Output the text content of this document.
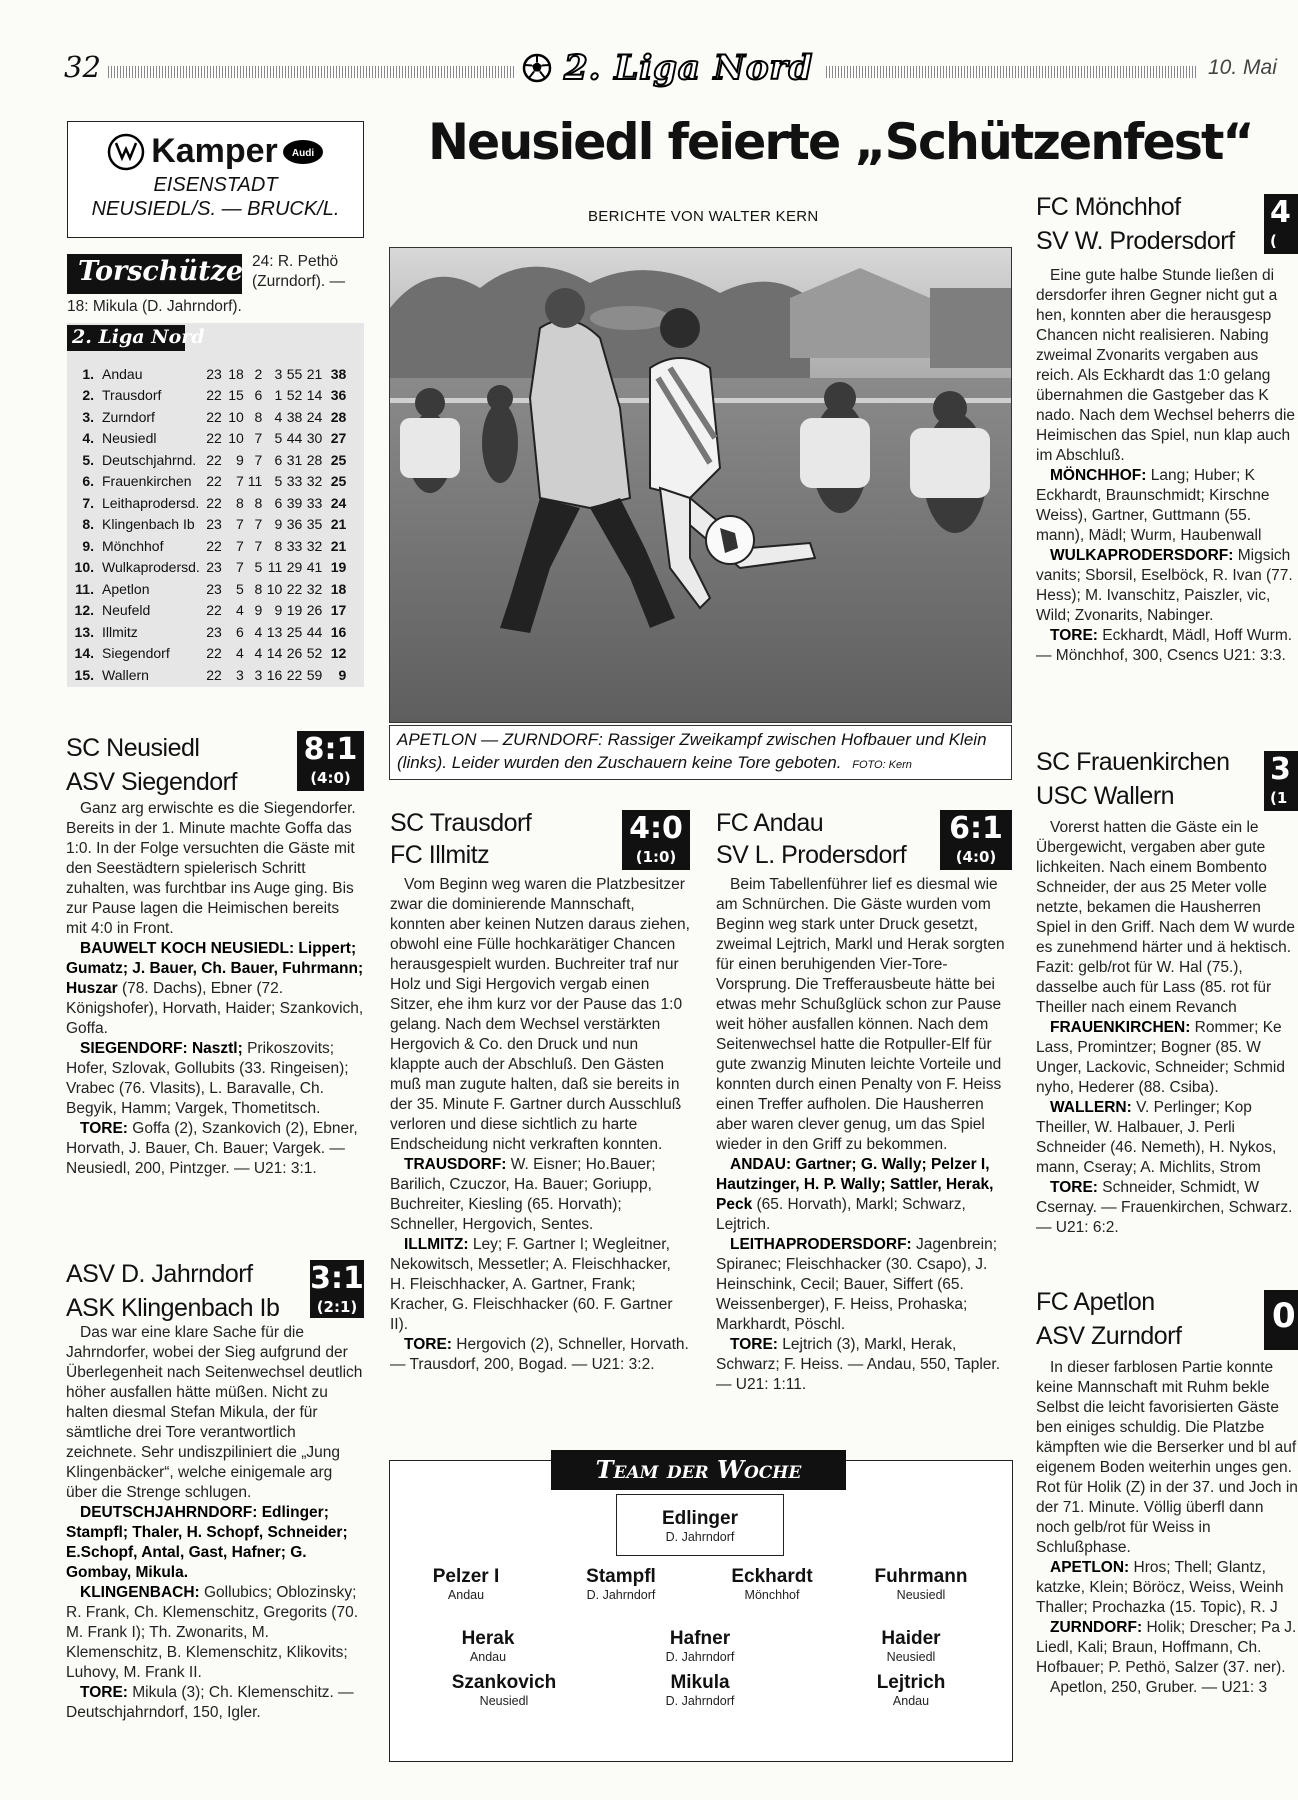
32	2. Liga Nord	10. Mai
Kamper Audi
EISENSTADT
NEUSIEDL/S. — BRUCK/L.
Torschützen
24: R. Pethö (Zurndorf). —
18: Mikula (D. Jahrndorf).
2. Liga Nord
1.	Andau	23	18	2	3	55	21	38
2.	Trausdorf	22	15	6	1	52	14	36
3.	Zurndorf	22	10	8	4	38	24	28
4.	Neusiedl	22	10	7	5	44	30	27
5.	Deutschjahrnd.	22	9	7	6	31	28	25
6.	Frauenkirchen	22	7	11	5	33	32	25
7.	Leithaprodersd.	22	8	8	6	39	33	24
8.	Klingenbach Ib	23	7	7	9	36	35	21
9.	Mönchhof	22	7	7	8	33	32	21
10.	Wulkaprodersd.	23	7	5	11	29	41	19
11.	Apetlon	23	5	8	10	22	32	18
12.	Neufeld	22	4	9	9	19	26	17
13.	Illmitz	23	6	4	13	25	44	16
14.	Siegendorf	22	4	4	14	26	52	12
15.	Wallern	22	3	3	16	22	59	9
Neusiedl feierte „Schützenfest“
BERICHTE VON WALTER KERN
APETLON — ZURNDORF: Rassiger Zweikampf zwischen Hofbauer und Klein (links). Leider wurden den Zuschauern keine Tore geboten. FOTO: Kern
SC Neusiedl
ASV Siegendorf
8:1
(4:0)

Ganz arg erwischte es die Siegendorfer. Bereits in der 1. Minute machte Goffa das 1:0. In der Folge versuchten die Gäste mit den Seestädtern spielerisch Schritt zuhalten, was furchtbar ins Auge ging. Bis zur Pause lagen die Heimischen bereits mit 4:0 in Front.

BAUWELT KOCH NEUSIEDL: Lippert; Gumatz; J. Bauer, Ch. Bauer, Fuhrmann; Huszar (78. Dachs), Ebner (72. Königshofer), Horvath, Haider; Szankovich, Goffa.

SIEGENDORF: Nasztl; Prikoszovits; Hofer, Szlovak, Gollubits (33. Ringeisen); Vrabec (76. Vlasits), L. Baravalle, Ch. Begyik, Hamm; Vargek, Thometitsch.

TORE: Goffa (2), Szankovich (2), Ebner, Horvath, J. Bauer, Ch. Bauer; Vargek. — Neusiedl, 200, Pintzger. — U21: 3:1.

ASV D. Jahrndorf
ASK Klingenbach Ib
3:1
(2:1)

Das war eine klare Sache für die Jahrndorfer, wobei der Sieg aufgrund der Überlegenheit nach Seitenwechsel deutlich höher ausfallen hätte müßen. Nicht zu halten diesmal Stefan Mikula, der für sämtliche drei Tore verantwortlich zeichnete. Sehr undiszpiliniert die „Jung Klingenbäcker“, welche einigemale arg über die Strenge schlugen.

DEUTSCHJAHRNDORF: Edlinger; Stampfl; Thaler, H. Schopf, Schneider; E.Schopf, Antal, Gast, Hafner; G. Gombay, Mikula.

KLINGENBACH: Gollubics; Oblozinsky; R. Frank, Ch. Klemenschitz, Gregorits (70. M. Frank I); Th. Zwonarits, M. Klemenschitz, B. Klemenschitz, Klikovits; Luhovy, M. Frank II.

TORE: Mikula (3); Ch. Klemenschitz. — Deutschjahrndorf, 150, Igler.

SC Trausdorf
FC Illmitz
4:0
(1:0)

Vom Beginn weg waren die Platzbesitzer zwar die dominierende Mannschaft, konnten aber keinen Nutzen daraus ziehen, obwohl eine Fülle hochkarätiger Chancen herausgespielt wurden. Buchreiter traf nur Holz und Sigi Hergovich vergab einen Sitzer, ehe ihm kurz vor der Pause das 1:0 gelang. Nach dem Wechsel verstärkten Hergovich & Co. den Druck und nun klappte auch der Abschluß. Den Gästen muß man zugute halten, daß sie bereits in der 35. Minute F. Gartner durch Ausschluß verloren und diese sichtlich zu harte Endscheidung nicht verkraften konnten.

TRAUSDORF: W. Eisner; Ho.Bauer; Barilich, Czuczor, Ha. Bauer; Goriupp, Buchreiter, Kiesling (65. Horvath); Schneller, Hergovich, Sentes.

ILLMITZ: Ley; F. Gartner I; Wegleitner, Nekowitsch, Messetler; A. Fleischhacker, H. Fleischhacker, A. Gartner, Frank; Kracher, G. Fleischhacker (60. F. Gartner II).

TORE: Hergovich (2), Schneller, Horvath. — Trausdorf, 200, Bogad. — U21: 3:2.

FC Andau
SV L. Prodersdorf
6:1
(4:0)

Beim Tabellenführer lief es diesmal wie am Schnürchen. Die Gäste wurden vom Beginn weg stark unter Druck gesetzt, zweimal Lejtrich, Markl und Herak sorgten für einen beruhigenden Vier-Tore-Vorsprung. Die Trefferausbeute hätte bei etwas mehr Schußglück schon zur Pause weit höher ausfallen können. Nach dem Seitenwechsel hatte die Rotpuller-Elf für gute zwanzig Minuten leichte Vorteile und konnten durch einen Penalty von F. Heiss einen Treffer aufholen. Die Hausherren aber waren clever genug, um das Spiel wieder in den Griff zu bekommen.

ANDAU: Gartner; G. Wally; Pelzer I, Hautzinger, H. P. Wally; Sattler, Herak, Peck (65. Horvath), Markl; Schwarz, Lejtrich.

LEITHAPRODERSDORF: Jagenbrein; Spiranec; Fleischhacker (30. Csapo), J. Heinschink, Cecil; Bauer, Siffert (65. Weissenberger), F. Heiss, Prohaska; Markhardt, Pöschl.

TORE: Lejtrich (3), Markl, Herak, Schwarz; F. Heiss. — Andau, 550, Tapler. — U21: 1:11.

FC Mönchhof
SV W. Prodersdorf
4
(

Eine gute halbe Stunde ließen di dersdorfer ihren Gegner nicht gut a hen, konnten aber die herausgesp Chancen nicht realisieren. Nabing zweimal Zvonarits vergaben aus reich. Als Eckhardt das 1:0 gelang übernahmen die Gastgeber das K nado. Nach dem Wechsel beherrs die Heimischen das Spiel, nun klap auch im Abschluß.

MÖNCHHOF: Lang; Huber; K Eckhardt, Braunschmidt; Kirschne Weiss), Gartner, Guttmann (55. mann), Mädl; Wurm, Haubenwall

WULKAPRODERSDORF: Migsich vanits; Sborsil, Eselböck, R. Ivan (77. Hess); M. Ivanschitz, Paiszler, vic, Wild; Zvonarits, Nabinger.

TORE: Eckhardt, Mädl, Hoff Wurm. — Mönchhof, 300, Csencs U21: 3:3.

SC Frauenkirchen
USC Wallern
3
(1

Vorerst hatten die Gäste ein le Übergewicht, vergaben aber gute lichkeiten. Nach einem Bombento Schneider, der aus 25 Meter volle netzte, bekamen die Hausherren Spiel in den Griff. Nach dem W wurde es zunehmend härter und ä hektisch. Fazit: gelb/rot für W. Hal (75.), dasselbe auch für Lass (85. rot für Theiller nach einem Revanch

FRAUENKIRCHEN: Rommer; Ke Lass, Promintzer; Bogner (85. W Unger, Lackovic, Schneider; Schmid nyho, Hederer (88. Csiba).

WALLERN: V. Perlinger; Kop Theiller, W. Halbauer, J. Perli Schneider (46. Nemeth), H. Nykos, mann, Cseray; A. Michlits, Strom

TORE: Schneider, Schmidt, W Csernay. — Frauenkirchen, Schwarz. — U21: 6:2.

FC Apetlon
ASV Zurndorf	0

In dieser farblosen Partie konnte keine Mannschaft mit Ruhm bekle Selbst die leicht favorisierten Gäste ben einiges schuldig. Die Platzbe kämpften wie die Berserker und bl auf eigenem Boden weiterhin unges gen. Rot für Holik (Z) in der 37. und Joch in der 71. Minute. Völlig überfl dann noch gelb/rot für Weiss in Schlußphase.

APETLON: Hros; Thell; Glantz, katzke, Klein; Böröcz, Weiss, Weinh Thaller; Prochazka (15. Topic), R. J

ZURNDORF: Holik; Drescher; Pa J. Liedl, Kali; Braun, Hoffmann, Ch. Hofbauer; P. Pethö, Salzer (37. ner).

Apetlon, 250, Gruber. — U21: 3

Team der Woche
Edlinger
D. Jahrndorf
Pelzer I
Andau
Stampfl
D. Jahrndorf
Eckhardt
Mönchhof
Fuhrmann
Neusiedl
Herak
Andau
Hafner
D. Jahrndorf
Haider
Neusiedl
Szankovich
Neusiedl
Mikula
D. Jahrndorf
Lejtrich
Andau
